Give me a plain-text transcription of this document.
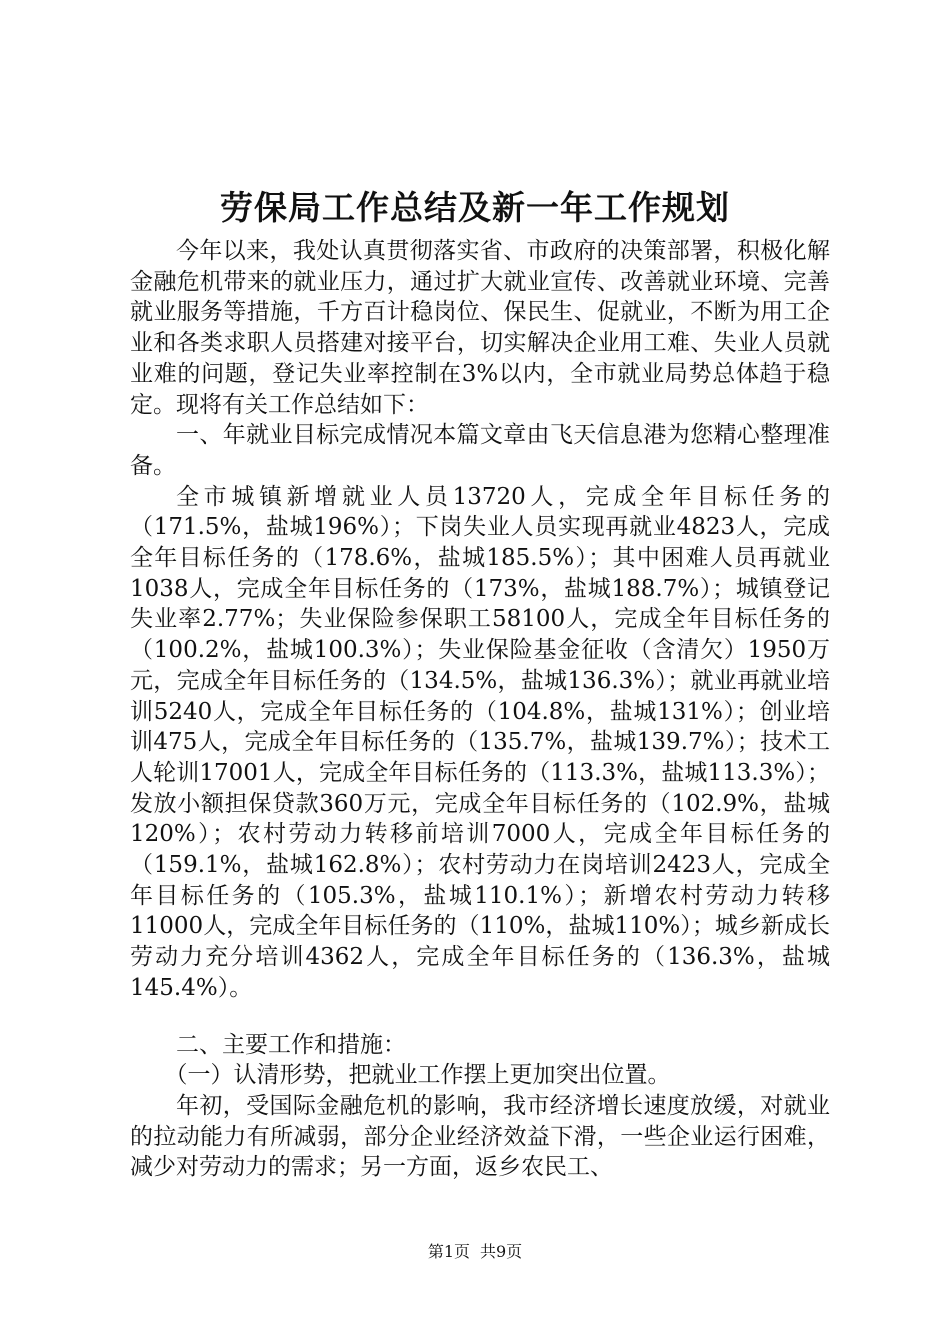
劳保局工作总结及新一年工作规划

今年以来，我处认真贯彻落实省、市政府的决策部署，积极化解金融危机带来的就业压力，通过扩大就业宣传、改善就业环境、完善就业服务等措施，千方百计稳岗位、保民生、促就业，不断为用工企业和各类求职人员搭建对接平台，切实解决企业用工难、失业人员就业难的问题，登记失业率控制在3%以内，全市就业局势总体趋于稳定。现将有关工作总结如下：

一、年就业目标完成情况本篇文章由飞天信息港为您精心整理准备。

全市城镇新增就业人员13720人，完成全年目标任务的（171.5%，盐城196%）；下岗失业人员实现再就业4823人，完成全年目标任务的（178.6%，盐城185.5%）；其中困难人员再就业1038人，完成全年目标任务的（173%，盐城188.7%）；城镇登记失业率2.77%；失业保险参保职工58100人，完成全年目标任务的（100.2%，盐城100.3%）；失业保险基金征收（含清欠）1950万元，完成全年目标任务的（134.5%，盐城136.3%）；就业再就业培训5240人，完成全年目标任务的（104.8%，盐城131%）；创业培训475人，完成全年目标任务的（135.7%，盐城139.7%）；技术工人轮训17001人，完成全年目标任务的（113.3%，盐城113.3%）；发放小额担保贷款360万元，完成全年目标任务的（102.9%，盐城120%）；农村劳动力转移前培训7000人，完成全年目标任务的（159.1%，盐城162.8%）；农村劳动力在岗培训2423人，完成全年目标任务的（105.3%，盐城110.1%）；新增农村劳动力转移11000人，完成全年目标任务的（110%，盐城110%）；城乡新成长劳动力充分培训4362人，完成全年目标任务的（136.3%，盐城145.4%）。

二、主要工作和措施：

（一）认清形势，把就业工作摆上更加突出位置。

年初，受国际金融危机的影响，我市经济增长速度放缓，对就业的拉动能力有所减弱，部分企业经济效益下滑，一些企业运行困难，减少对劳动力的需求；另一方面，返乡农民工、

第1页 共9页
